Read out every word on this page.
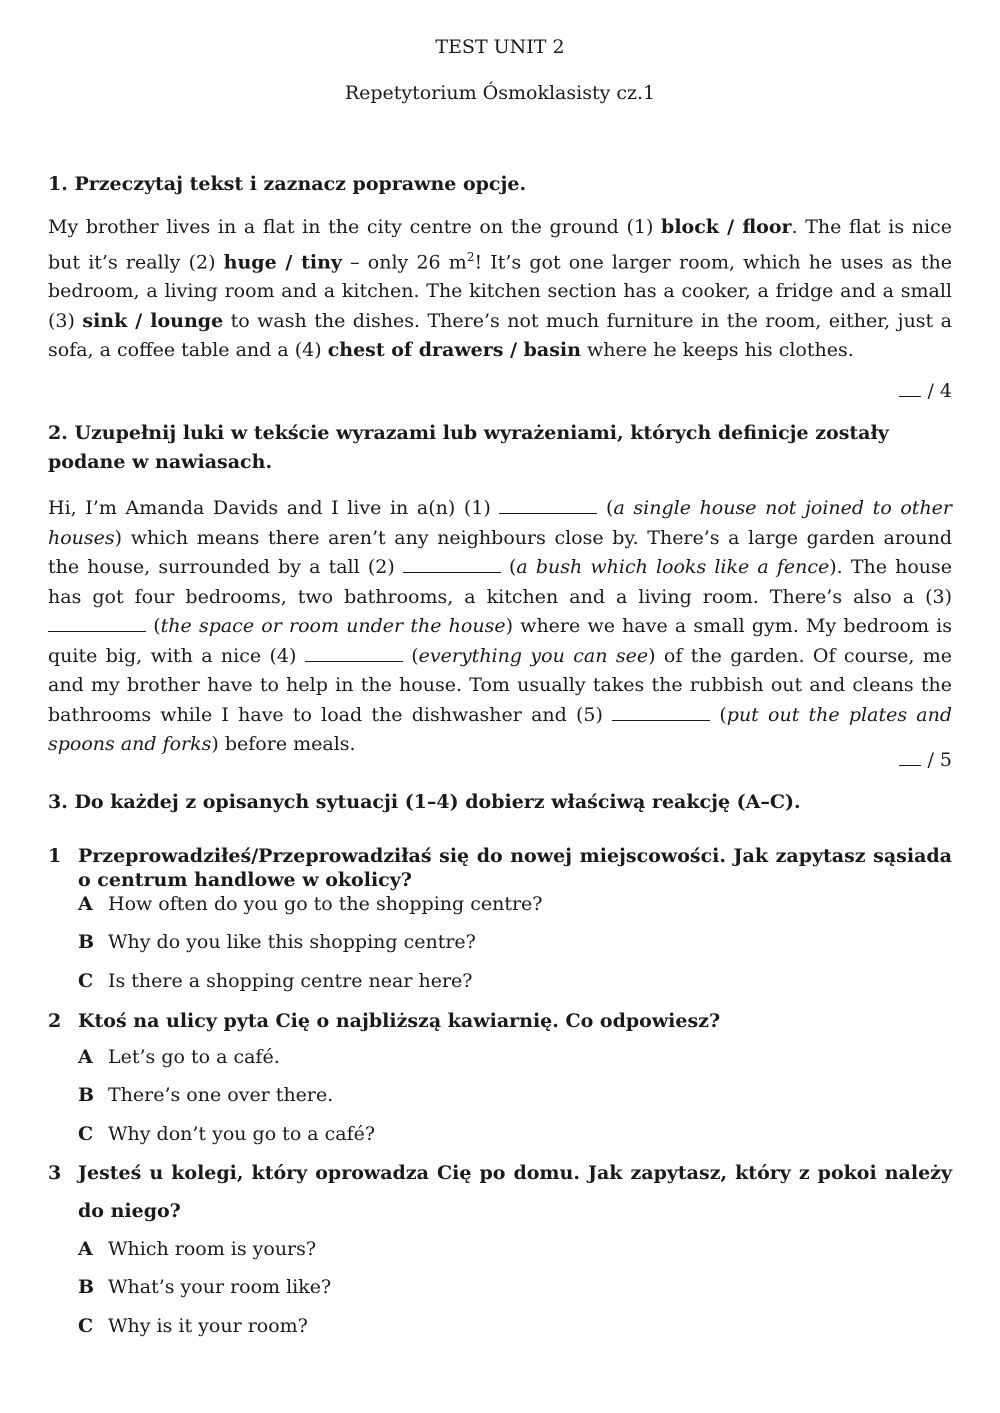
TEST UNIT 2
Repetytorium Ósmoklasisty cz.1
1. Przeczytaj tekst i zaznacz poprawne opcje.
My brother lives in a flat in the city centre on the ground (1) block / floor. The flat is nice but it’s really (2) huge / tiny – only 26 $m^2$! It’s got one larger room, which he uses as the bedroom, a living room and a kitchen. The kitchen section has a cooker, a fridge and a small (3) sink / lounge to wash the dishes. There’s not much furniture in the room, either, just a sofa, a coffee table and a (4) chest of drawers / basin where he keeps his clothes.
/ 4
2. Uzupełnij luki w tekście wyrazami lub wyrażeniami, których definicje zostały podane w nawiasach.
Hi, I’m Amanda Davids and I live in a(n) (1)	(a single house not joined to other houses) which means there aren’t any neighbours close by. There’s a large garden around the house, surrounded by a tall (2)	(a bush which looks like a fence). The house has got four bedrooms, two bathrooms, a kitchen and a living room. There’s also a (3)  (the space or room under the house) where we have a small gym. My bedroom is quite big, with a nice (4)	(everything you can see) of the garden. Of course, me and my brother have to help in the house. Tom usually takes the rubbish out and cleans the bathrooms while I have to load the dishwasher and (5)	(put out the plates and spoons and forks) before meals.
/ 5
3. Do każdej z opisanych sytuacji (1–4) dobierz właściwą reakcję (A–C).
1 Przeprowadziłeś/Przeprowadziłaś się do nowej miejscowości. Jak zapytasz sąsiada o centrum handlowe w okolicy?
A How often do you go to the shopping centre?
B Why do you like this shopping centre?
C Is there a shopping centre near here?
2 Ktoś na ulicy pyta Cię o najbliższą kawiarnię. Co odpowiesz?
A Let’s go to a café.
B There’s one over there.
C Why don’t you go to a café?
3 Jesteś u kolegi, który oprowadza Cię po domu. Jak zapytasz, który z pokoi należy do niego?
A Which room is yours?
B What’s your room like?
C Why is it your room?
